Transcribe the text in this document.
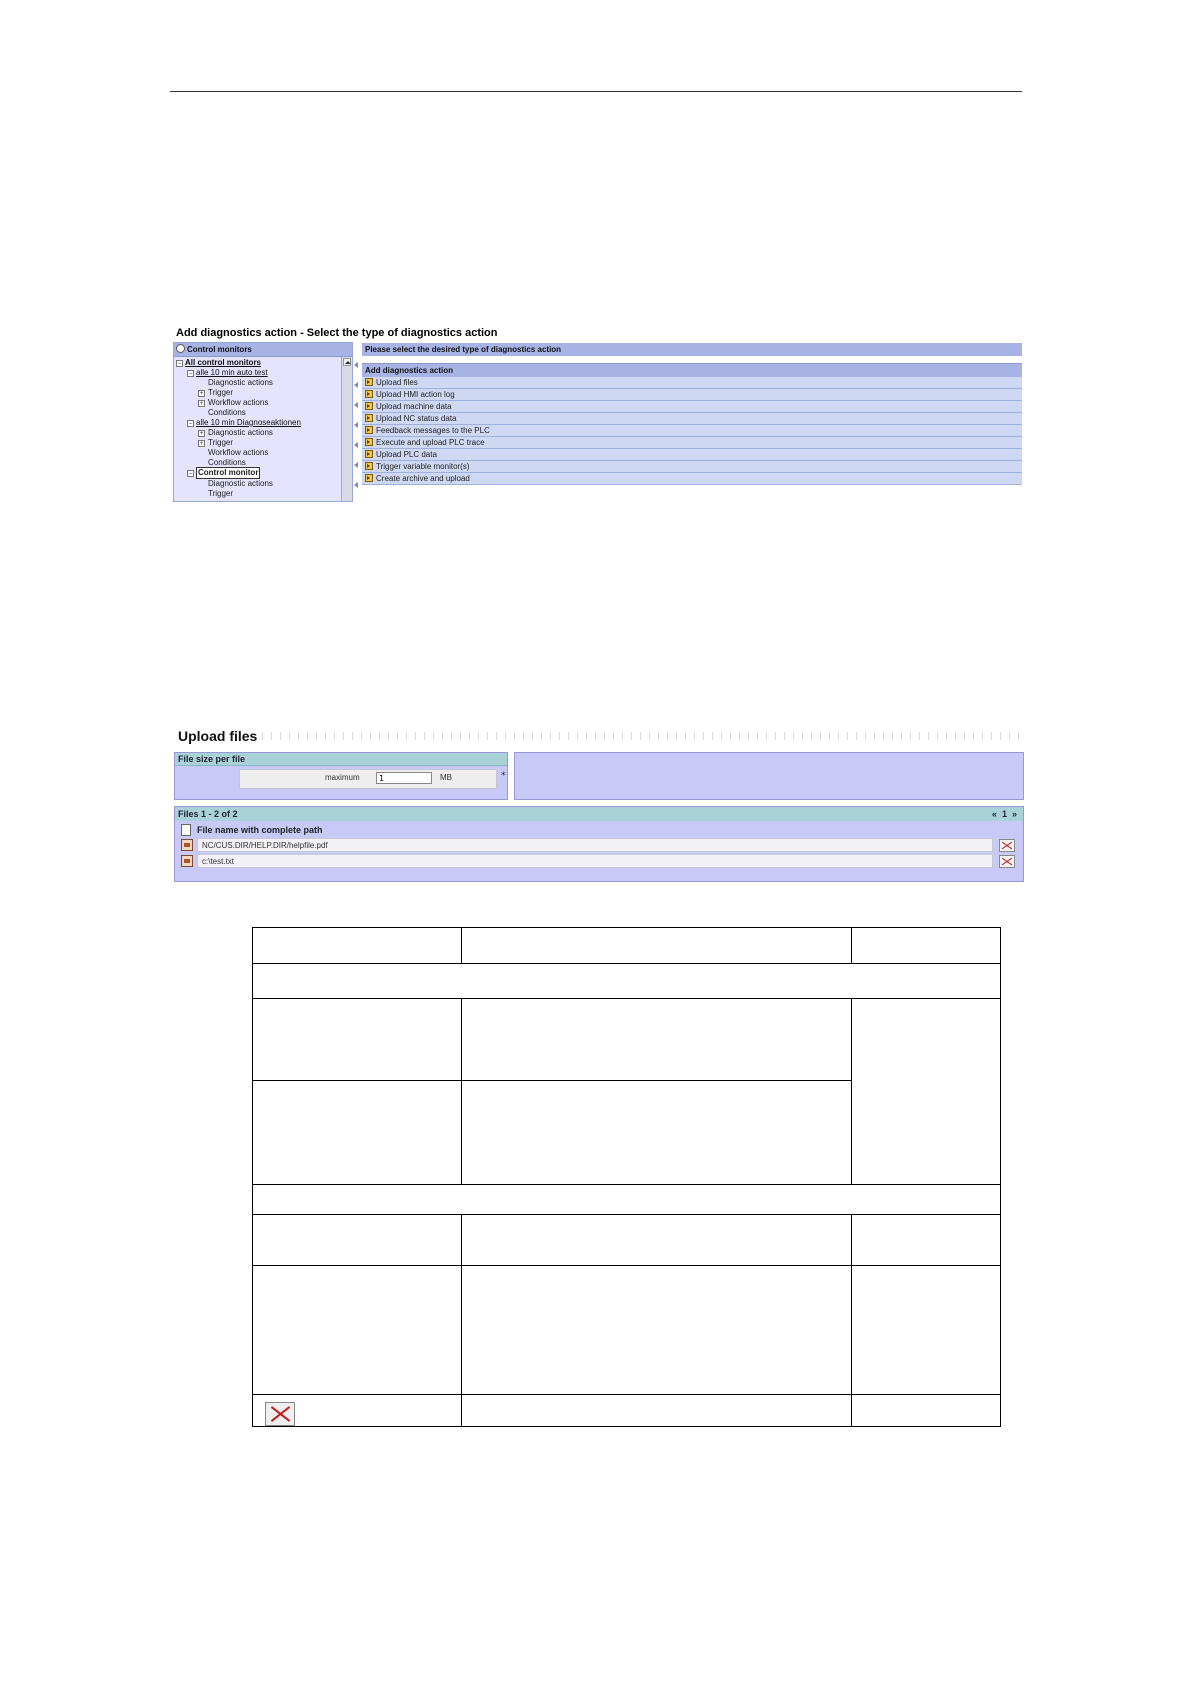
Add diagnostics action - Select the type of diagnostics action
Control monitors
− All control monitors
− alle 10 min auto test
Diagnostic actions
+ Trigger
+ Workflow actions
Conditions
− alle 10 min Diagnoseaktionen
+ Diagnostic actions
+ Trigger
Workflow actions
Conditions
− Control monitor
Diagnostic actions
Trigger
Please select the desired type of diagnostics action
Add diagnostics action
Upload files
Upload HMI action log
Upload machine data
Upload NC status data
Feedback messages to the PLC
Execute and upload PLC trace
Upload PLC data
Trigger variable monitor(s)
Create archive and upload
Upload files
File size per file
maximum	1	MB	*
Files 1 - 2 of 2	« 1 »
File name with complete path
NC/CUS.DIR/HELP.DIR/helpfile.pdf
c:\test.txt
